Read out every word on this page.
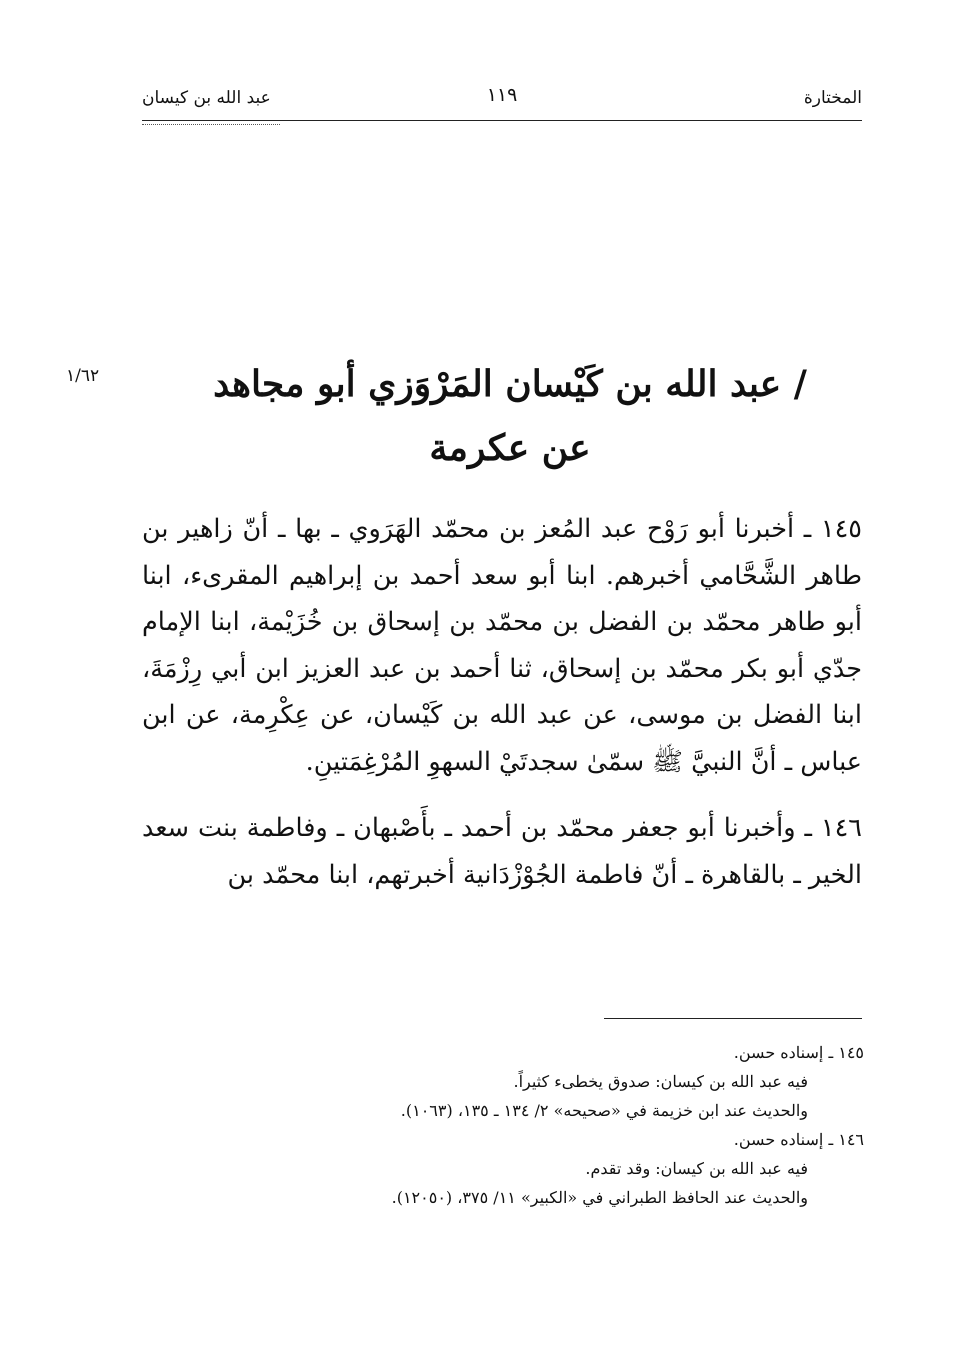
المختارة
١١٩
عبد الله بن كيسان
١/٦٢	/ عبد الله بن كَيْسان المَرْوَزي أبو مجاهد
عن عكرمة

١٤٥ ـ أخبرنا أبو رَوْح عبد المُعز بن محمّد الهَرَوي ـ بها ـ أنّ زاهير بن طاهر الشَّحَّامي أخبرهم. ابنا أبو سعد أحمد بن إبراهيم المقرىء، ابنا أبو طاهر محمّد بن الفضل بن محمّد بن إسحاق بن خُزَيْمة، ابنا الإمام جدّي أبو بكر محمّد بن إسحاق، ثنا أحمد بن عبد العزيز ابن أبي رِزْمَةَ، ابنا الفضل بن موسى، عن عبد الله بن كَيْسان، عن عِكْرِمة، عن ابن عباس ـ أنَّ النبيَّ ﷺ سمّىٰ سجدتَيْ السهوِ المُرْغِمَتينِ.

١٤٦ ـ وأخبرنا أبو جعفر محمّد بن أحمد ـ بأَصْبهان ـ وفاطمة بنت سعد الخير ـ بالقاهرة ـ أنّ فاطمة الجُوْزْدَانية أخبرتهم، ابنا محمّد بن

١٤٥ ـ إسناده حسن.
فيه عبد الله بن كيسان: صدوق يخطىء كثيراً.
والحديث عند ابن خزيمة في «صحيحه» ٢/ ١٣٤ ـ ١٣٥، (١٠٦٣).
١٤٦ ـ إسناده حسن.
فيه عبد الله بن كيسان: وقد تقدم.
والحديث عند الحافظ الطبراني في «الكبير» ١١/ ٣٧٥، (١٢٠٥٠).
